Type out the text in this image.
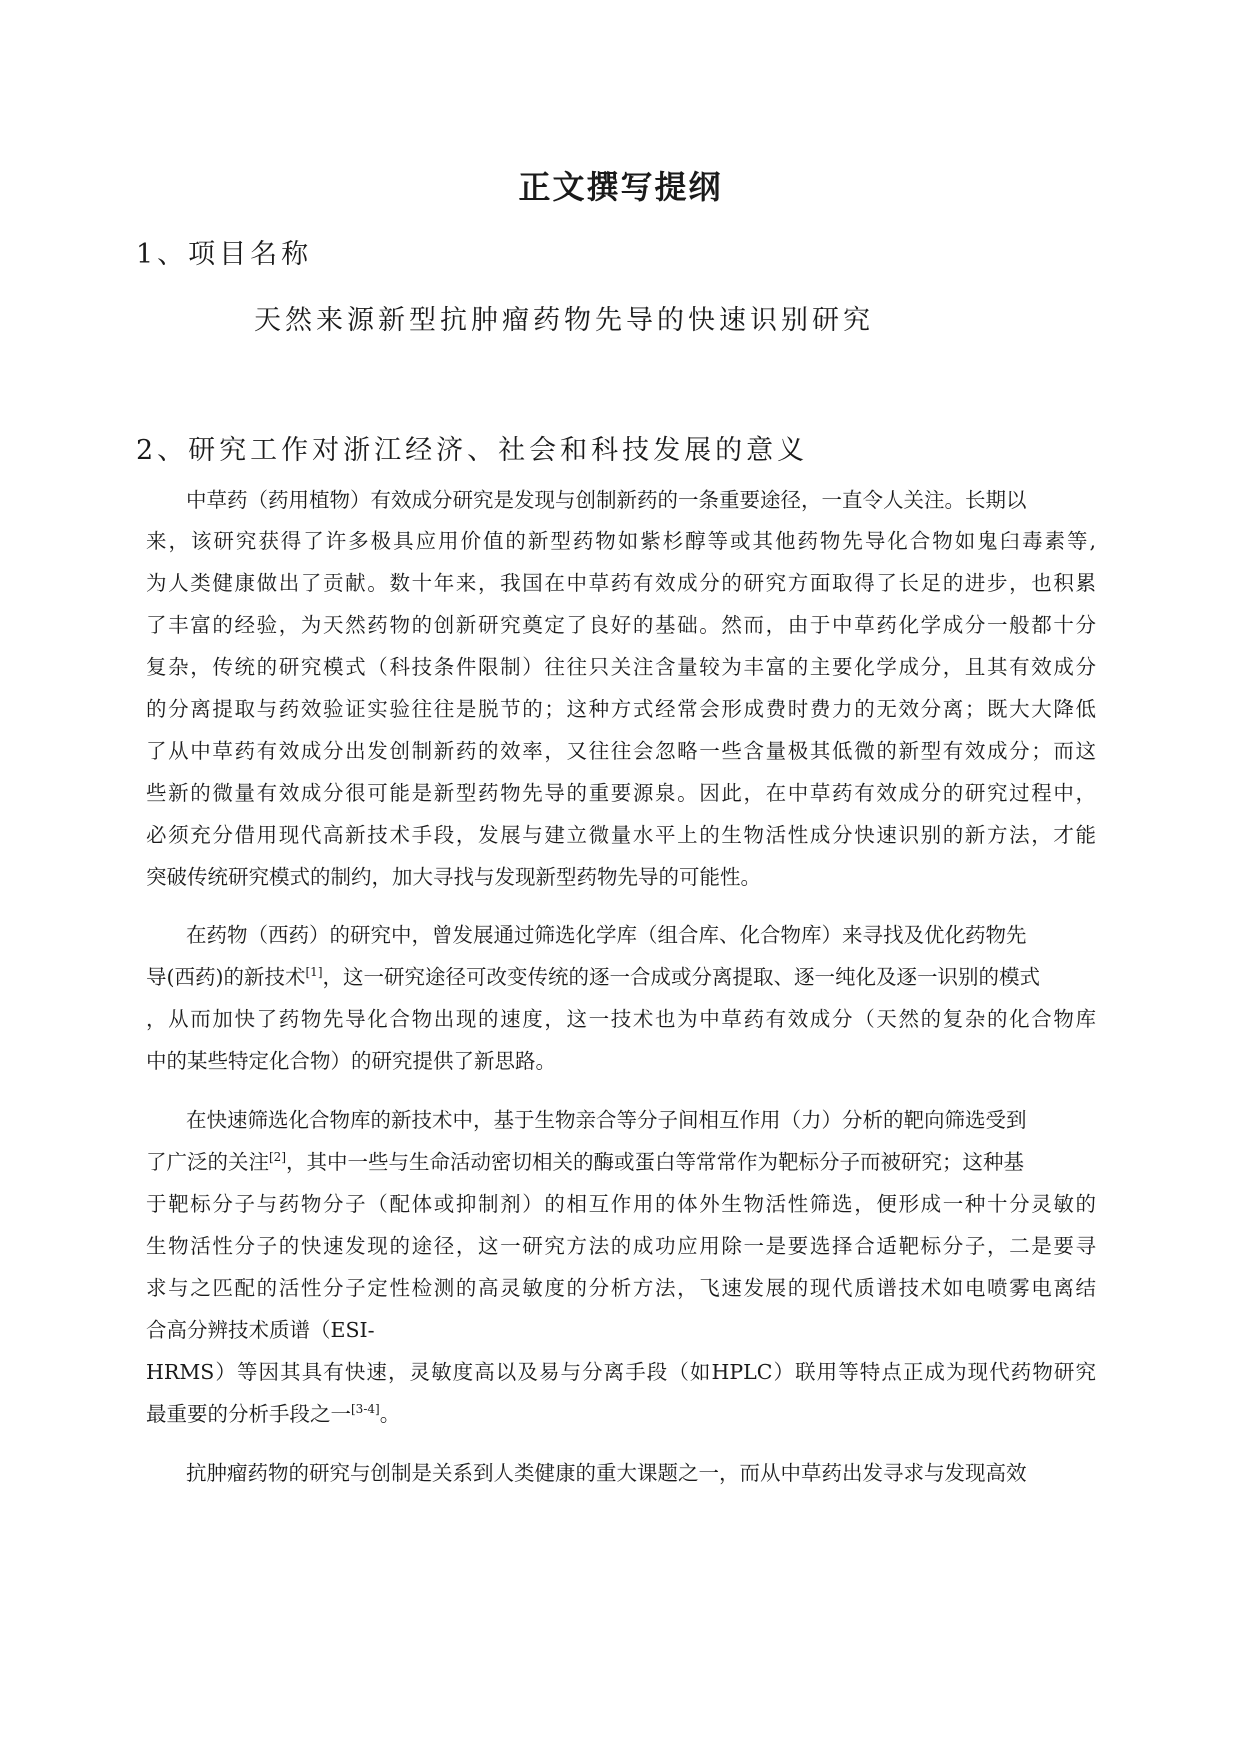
正文撰写提纲
1、项目名称

天然来源新型抗肿瘤药物先导的快速识别研究

2、研究工作对浙江经济、社会和科技发展的意义

中草药（药用植物）有效成分研究是发现与创制新药的一条重要途径，一直令人关注。长期以

来，该研究获得了许多极具应用价值的新型药物如紫杉醇等或其他药物先导化合物如鬼臼毒素等,

为人类健康做出了贡献。数十年来，我国在中草药有效成分的研究方面取得了长足的进步，也积累

了丰富的经验，为天然药物的创新研究奠定了良好的基础。然而，由于中草药化学成分一般都十分

复杂，传统的研究模式（科技条件限制）往往只关注含量较为丰富的主要化学成分，且其有效成分

的分离提取与药效验证实验往往是脱节的；这种方式经常会形成费时费力的无效分离；既大大降低

了从中草药有效成分出发创制新药的效率，又往往会忽略一些含量极其低微的新型有效成分；而这

些新的微量有效成分很可能是新型药物先导的重要源泉。因此，在中草药有效成分的研究过程中，

必须充分借用现代高新技术手段，发展与建立微量水平上的生物活性成分快速识别的新方法，才能

突破传统研究模式的制约，加大寻找与发现新型药物先导的可能性。

在药物（西药）的研究中，曾发展通过筛选化学库（组合库、化合物库）来寻找及优化药物先

导(西药)的新技术[1]，这一研究途径可改变传统的逐一合成或分离提取、逐一纯化及逐一识别的模式

，从而加快了药物先导化合物出现的速度，这一技术也为中草药有效成分（天然的复杂的化合物库

中的某些特定化合物）的研究提供了新思路。

在快速筛选化合物库的新技术中，基于生物亲合等分子间相互作用（力）分析的靶向筛选受到

了广泛的关注[2]，其中一些与生命活动密切相关的酶或蛋白等常常作为靶标分子而被研究；这种基

于靶标分子与药物分子（配体或抑制剂）的相互作用的体外生物活性筛选，便形成一种十分灵敏的

生物活性分子的快速发现的途径，这一研究方法的成功应用除一是要选择合适靶标分子，二是要寻

求与之匹配的活性分子定性检测的高灵敏度的分析方法，飞速发展的现代质谱技术如电喷雾电离结

合高分辨技术质谱（ESI-

HRMS）等因其具有快速，灵敏度高以及易与分离手段（如HPLC）联用等特点正成为现代药物研究

最重要的分析手段之一[3-4]。

抗肿瘤药物的研究与创制是关系到人类健康的重大课题之一，而从中草药出发寻求与发现高效
